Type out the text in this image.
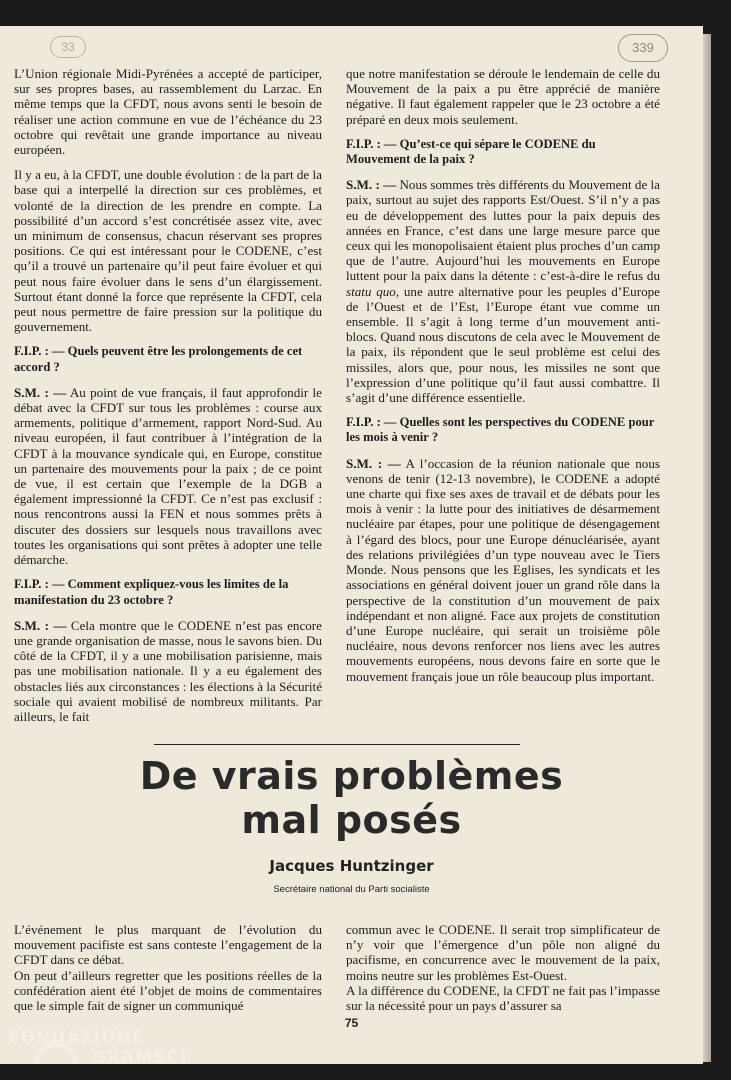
33	339

L’Union régionale Midi-Pyrénées a accepté de participer, sur ses propres bases, au rassemblement du Larzac. En même temps que la CFDT, nous avons senti le besoin de réaliser une action commune en vue de l’échéance du 23 octobre qui revêtait une grande importance au niveau européen.

Il y a eu, à la CFDT, une double évolution : de la part de la base qui a interpellé la direction sur ces problèmes, et volonté de la direction de les prendre en compte. La possibilité d’un accord s’est concrétisée assez vite, avec un minimum de consensus, chacun réservant ses propres positions. Ce qui est intéressant pour le CODENE, c’est qu’il a trouvé un partenaire qu’il peut faire évoluer et qui peut nous faire évoluer dans le sens d’un élargissement. Surtout étant donné la force que représente la CFDT, cela peut nous permettre de faire pression sur la politique du gouvernement.

F.I.P. : — Quels peuvent être les prolongements de cet accord ?

S.M. : — Au point de vue français, il faut approfondir le débat avec la CFDT sur tous les problèmes : course aux armements, politique d’armement, rapport Nord-Sud. Au niveau européen, il faut contribuer à l’intégration de la CFDT à la mouvance syndicale qui, en Europe, constitue un partenaire des mouvements pour la paix ; de ce point de vue, il est certain que l’exemple de la DGB a également impressionné la CFDT. Ce n’est pas exclusif : nous rencontrons aussi la FEN et nous sommes prêts à discuter des dossiers sur lesquels nous travaillons avec toutes les organisations qui sont prêtes à adopter une telle démarche.

F.I.P. : — Comment expliquez-vous les limites de la manifestation du 23 octobre ?

S.M. : — Cela montre que le CODENE n’est pas encore une grande organisation de masse, nous le savons bien. Du côté de la CFDT, il y a une mobilisation parisienne, mais pas une mobilisation nationale. Il y a eu également des obstacles liés aux circonstances : les élections à la Sécurité sociale qui avaient mobilisé de nombreux militants. Par ailleurs, le fait

que notre manifestation se déroule le lendemain de celle du Mouvement de la paix a pu être apprécié de manière négative. Il faut également rappeler que le 23 octobre a été préparé en deux mois seulement.

F.I.P. : — Qu’est-ce qui sépare le CODENE du Mouvement de la paix ?

S.M. : — Nous sommes très différents du Mouvement de la paix, surtout au sujet des rapports Est/Ouest. S’il n’y a pas eu de développement des luttes pour la paix depuis des années en France, c’est dans une large mesure parce que ceux qui les monopolisaient étaient plus proches d’un camp que de l’autre. Aujourd’hui les mouvements en Europe luttent pour la paix dans la détente : c’est-à-dire le refus du statu quo, une autre alternative pour les peuples d’Europe de l’Ouest et de l’Est, l’Europe étant vue comme un ensemble. Il s’agit à long terme d’un mouvement anti-blocs. Quand nous discutons de cela avec le Mouvement de la paix, ils répondent que le seul problème est celui des missiles, alors que, pour nous, les missiles ne sont que l’expression d’une politique qu’il faut aussi combattre. Il s’agit d’une différence essentielle.

F.I.P. : — Quelles sont les perspectives du CODENE pour les mois à venir ?

S.M. : — A l’occasion de la réunion nationale que nous venons de tenir (12-13 novembre), le CODENE a adopté une charte qui fixe ses axes de travail et de débats pour les mois à venir : la lutte pour des initiatives de désarmement nucléaire par étapes, pour une politique de désengagement à l’égard des blocs, pour une Europe dénucléarisée, ayant des relations privilégiées d’un type nouveau avec le Tiers Monde. Nous pensons que les Eglises, les syndicats et les associations en général doivent jouer un grand rôle dans la perspective de la constitution d’un mouvement de paix indépendant et non aligné. Face aux projets de constitution d’une Europe nucléaire, qui serait un troisième pôle nucléaire, nous devons renforcer nos liens avec les autres mouvements européens, nous devons faire en sorte que le mouvement français joue un rôle beaucoup plus important.

De vrais problèmes
mal posés
Jacques Huntzinger
Secrétaire national du Parti socialiste

L’événement le plus marquant de l’évolution du mouvement pacifiste est sans conteste l’engagement de la CFDT dans ce débat.

On peut d’ailleurs regretter que les positions réelles de la confédération aient été l’objet de moins de commentaires que le simple fait de signer un communiqué

commun avec le CODENE. Il serait trop simplificateur de n’y voir que l’émergence d’un pôle non aligné du pacifisme, en concurrence avec le mouvement de la paix, moins neutre sur les problèmes Est-Ouest.

A la différence du CODENE, la CFDT ne fait pas l’impasse sur la nécessité pour un pays d’assurer sa

75
FONDAZIONE
GRAMSCI
